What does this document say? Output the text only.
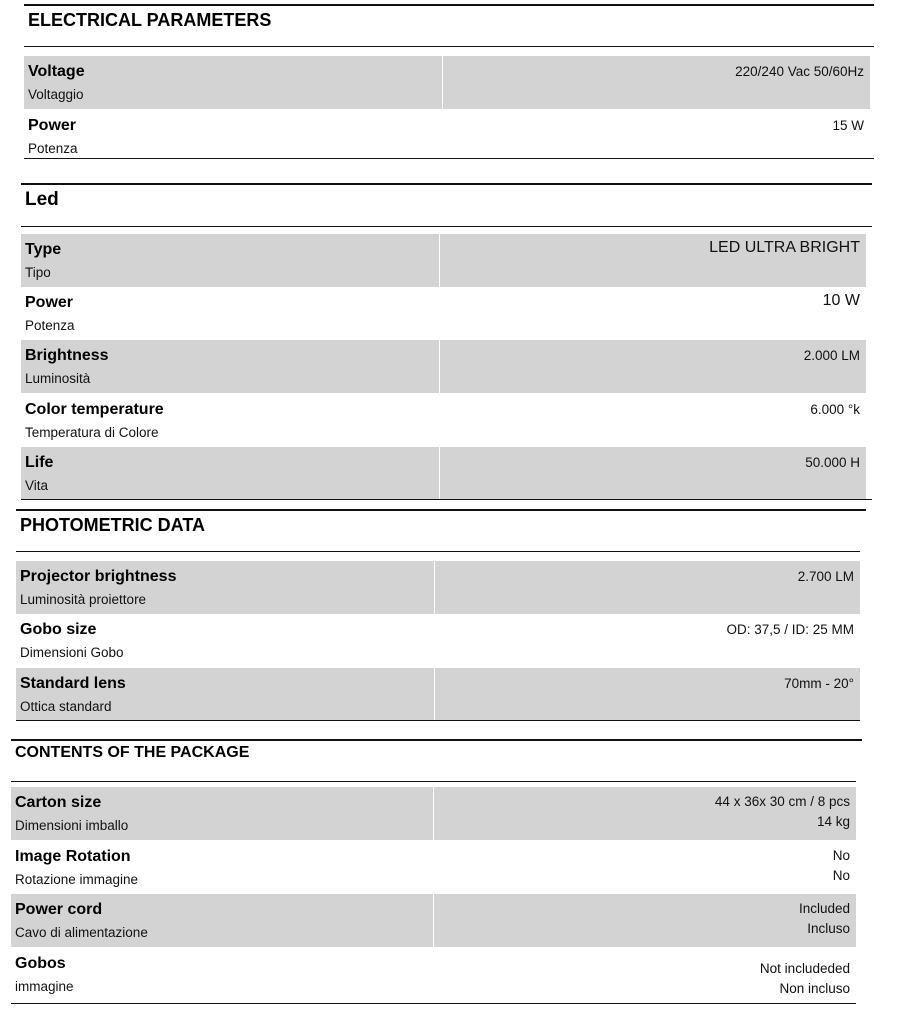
ELECTRICAL PARAMETERS
Voltage
Voltaggio
220/240 Vac 50/60Hz
Power
Potenza
15 W
Led
Type
Tipo
LED ULTRA BRIGHT
Power
Potenza
10 W
Brightness
Luminosità
2.000 LM
Color temperature
Temperatura di Colore
6.000 °k
Life
Vita
50.000 H
PHOTOMETRIC DATA
Projector brightness
Luminosità proiettore
2.700 LM
Gobo size
Dimensioni Gobo
OD: 37,5 / ID: 25 MM
Standard lens
Ottica standard
70mm - 20°
CONTENTS OF THE PACKAGE
Carton size
Dimensioni imballo
44 x 36x 30 cm / 8 pcs
14 kg
Image Rotation
Rotazione immagine
No
No
Power cord
Cavo di alimentazione
Included
Incluso
Gobos
immagine
Not includeded
Non incluso
